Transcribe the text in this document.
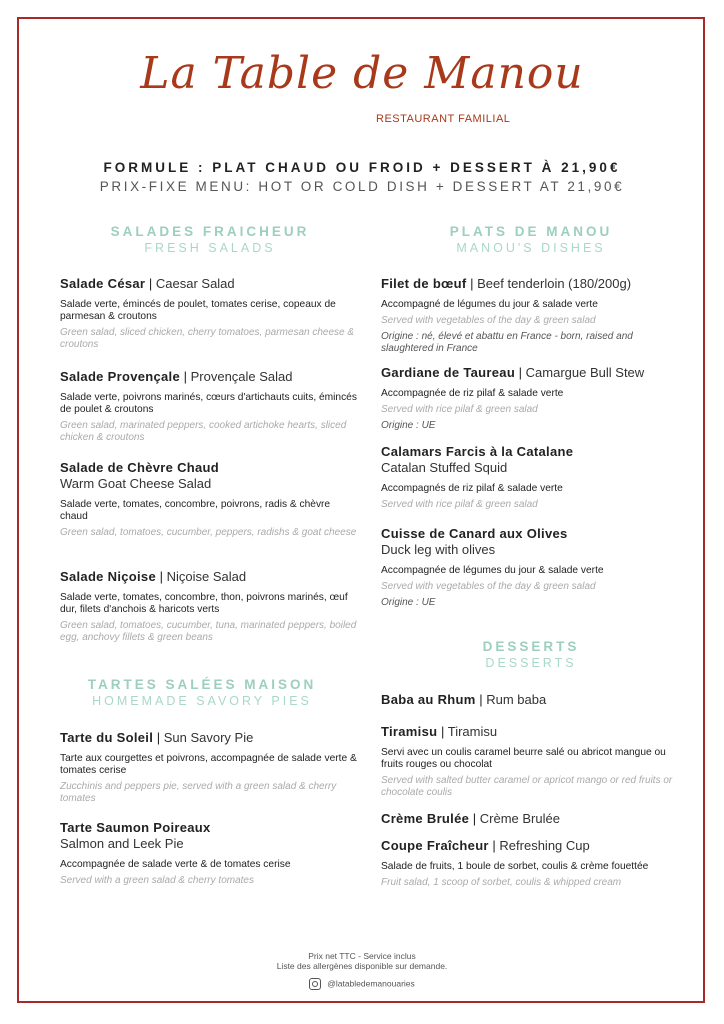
La Table de Manou
RESTAURANT FAMILIAL
FORMULE : PLAT CHAUD OU FROID + DESSERT À 21,90€
PRIX-FIXE MENU: HOT OR COLD DISH + DESSERT AT 21,90€
SALADES FRAICHEUR
FRESH SALADS
PLATS DE MANOU
MANOU'S DISHES
TARTES SALÉES MAISON
HOMEMADE SAVORY PIES
DESSERTS
DESSERTS
Salade César | Caesar Salad
Salade verte, émincés de poulet, tomates cerise, copeaux de parmesan & croutons
Green salad, sliced chicken, cherry tomatoes, parmesan cheese & croutons
Salade Provençale | Provençale Salad
Salade verte, poivrons marinés, cœurs d'artichauts cuits, émincés de poulet & croutons
Green salad, marinated peppers, cooked artichoke hearts, sliced chicken & croutons
Salade de Chèvre Chaud
Warm Goat Cheese Salad
Salade verte, tomates, concombre, poivrons, radis & chèvre chaud
Green salad, tomatoes, cucumber, peppers, radishs & goat cheese
Salade Niçoise | Niçoise Salad
Salade verte, tomates, concombre, thon, poivrons marinés, œuf dur, filets d'anchois & haricots verts
Green salad, tomatoes, cucumber, tuna, marinated peppers, boiled egg, anchovy fillets & green beans
Tarte du Soleil | Sun Savory Pie
Tarte aux courgettes et poivrons, accompagnée de salade verte & tomates cerise
Zucchinis and peppers pie, served with a green salad & cherry tomates
Tarte Saumon Poireaux
Salmon and Leek Pie
Accompagnée de salade verte & de tomates cerise
Served with a green salad & cherry tomates
Filet de bœuf | Beef tenderloin (180/200g)
Accompagné de légumes du jour & salade verte
Served with vegetables of the day & green salad
Origine : né, élevé et abattu en France - born, raised and slaughtered in France
Gardiane de Taureau | Camargue Bull Stew
Accompagnée de riz pilaf & salade verte
Served with rice pilaf & green salad
Origine : UE
Calamars Farcis à la Catalane
Catalan Stuffed Squid
Accompagnés de riz pilaf & salade verte
Served with rice pilaf & green salad
Cuisse de Canard aux Olives
Duck leg with olives
Accompagnée de légumes du jour & salade verte
Served with vegetables of the day & green salad
Origine : UE
Baba au Rhum | Rum baba
Tiramisu | Tiramisu
Servi avec un coulis caramel beurre salé ou abricot mangue ou fruits rouges ou chocolat
Served with salted butter caramel or apricot mango or red fruits or chocolate coulis
Crème Brulée | Crème Brulée
Coupe Fraîcheur | Refreshing Cup
Salade de fruits, 1 boule de sorbet, coulis & crème fouettée
Fruit salad, 1 scoop of sorbet, coulis & whipped cream
Prix net TTC - Service inclus
Liste des allergènes disponible sur demande.
@latabledemanouaries
